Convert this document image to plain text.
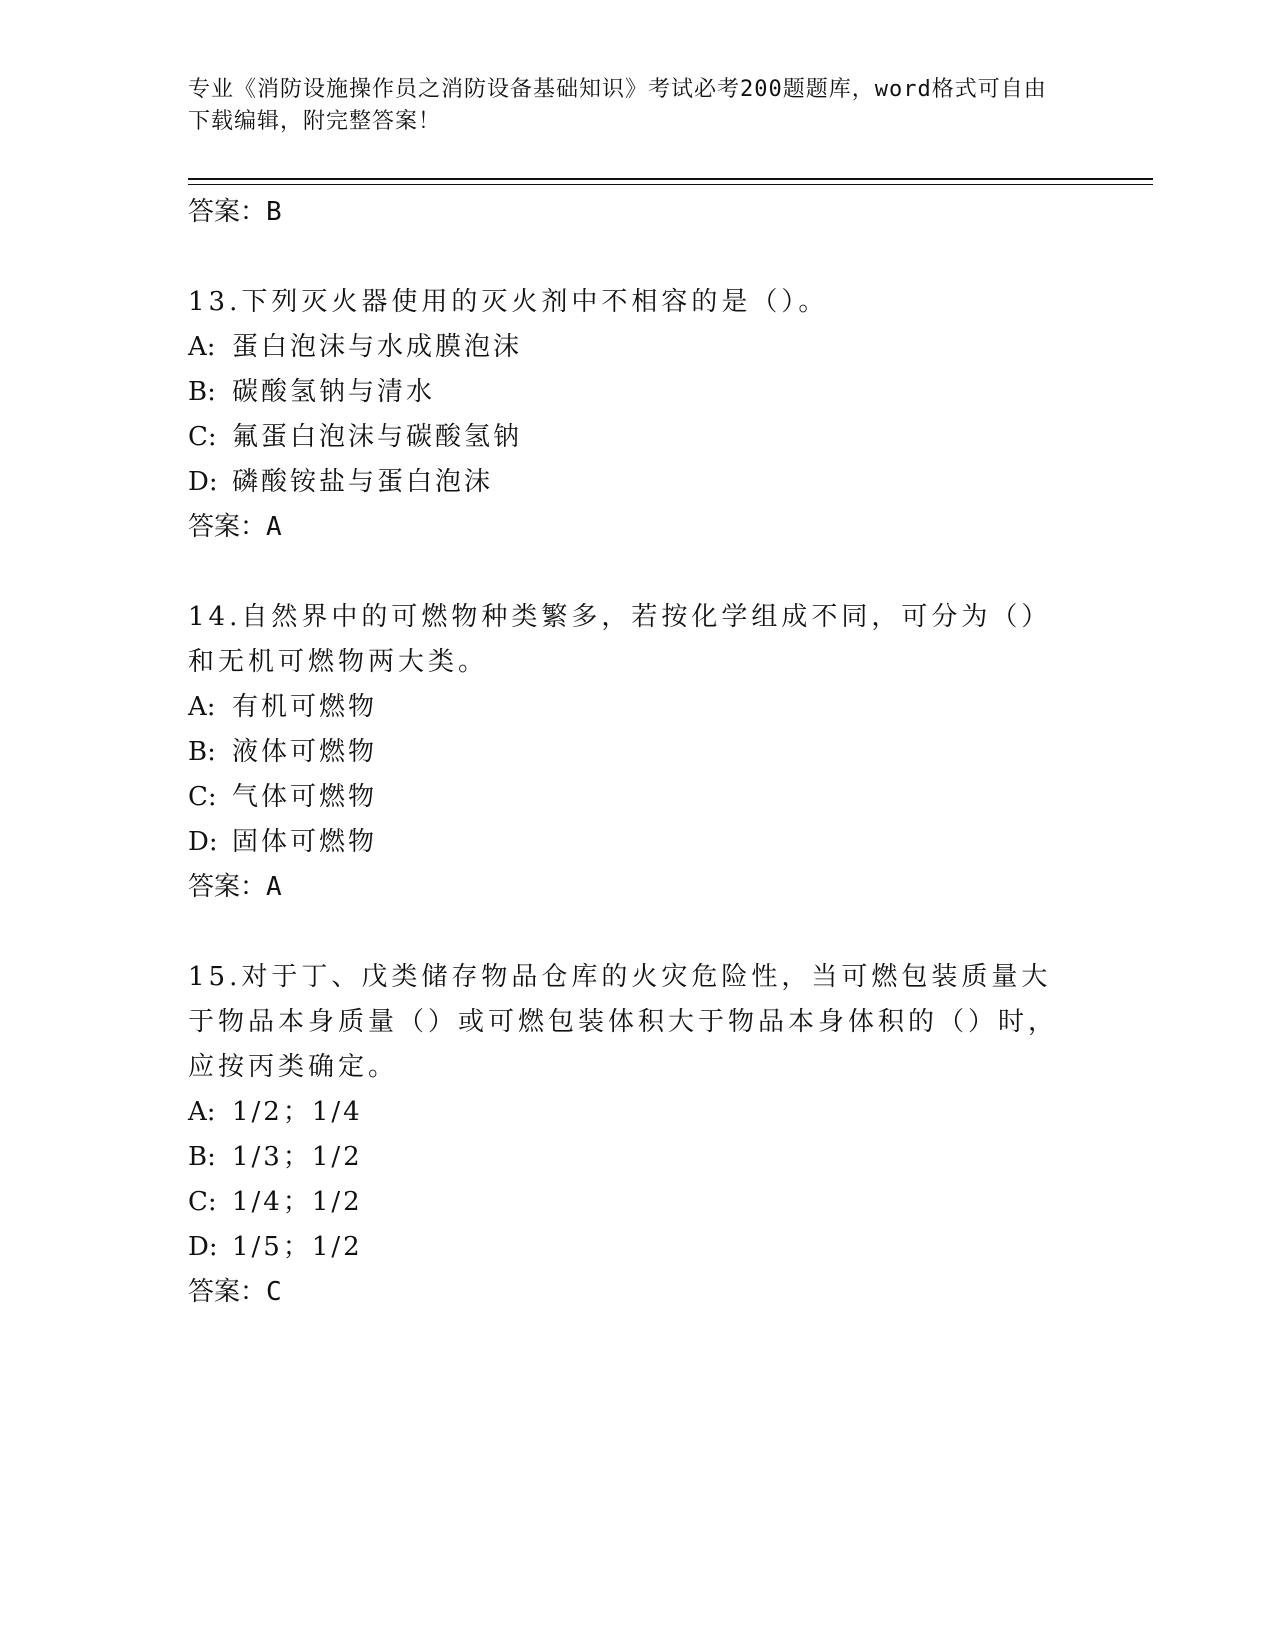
专业《消防设施操作员之消防设备基础知识》考试必考200题题库，word格式可自由下载编辑，附完整答案！

答案：B

13.下列灭火器使用的灭火剂中不相容的是（）。

A: 蛋白泡沫与水成膜泡沫

B: 碳酸氢钠与清水

C: 氟蛋白泡沫与碳酸氢钠

D: 磷酸铵盐与蛋白泡沫

答案：A

14.自然界中的可燃物种类繁多，若按化学组成不同，可分为（）和无机可燃物两大类。

A: 有机可燃物

B: 液体可燃物

C: 气体可燃物

D: 固体可燃物

答案：A

15.对于丁、戊类储存物品仓库的火灾危险性，当可燃包装质量大于物品本身质量（）或可燃包装体积大于物品本身体积的（）时，应按丙类确定。

A: 1/2；1/4

B: 1/3；1/2

C: 1/4；1/2

D: 1/5；1/2

答案：C
